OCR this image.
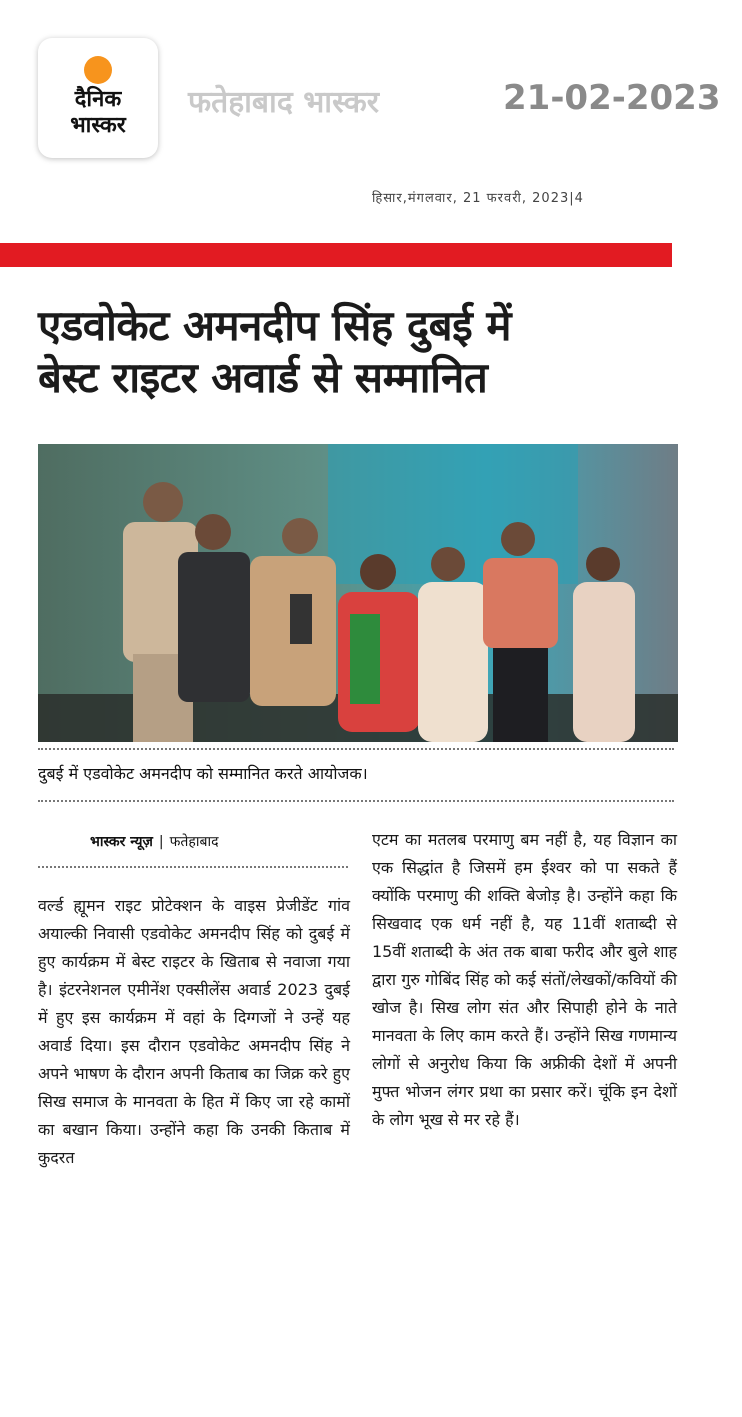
दैनिक
भास्कर
फतेहाबाद भास्कर	21-02-2023
हिसार,मंगलवार, 21 फरवरी, 2023|4
एडवोकेट अमनदीप सिंह दुबई में
बेस्ट राइटर अवार्ड से सम्मानित
दुबई में एडवोकेट अमनदीप को सम्मानित करते आयोजक।
भास्कर न्यूज़ | फतेहाबाद

वर्ल्ड ह्यूमन राइट प्रोटेक्शन के वाइस प्रेजीडेंट गांव अयाल्की निवासी एडवोकेट अमनदीप सिंह को दुबई में हुए कार्यक्रम में बेस्ट राइटर के खिताब से नवाजा गया है। इंटरनेशनल एमीनेंश एक्सीलेंस अवार्ड 2023 दुबई में हुए इस कार्यक्रम में वहां के दिग्गजों ने उन्हें यह अवार्ड दिया। इस दौरान एडवोकेट अमनदीप सिंह ने अपने भाषण के दौरान अपनी किताब का जिक्र करे हुए सिख समाज के मानवता के हित में किए जा रहे कामों का बखान किया। उन्होंने कहा कि उनकी किताब में कुदरत

एटम का मतलब परमाणु बम नहीं है, यह विज्ञान का एक सिद्धांत है जिसमें हम ईश्वर को पा सकते हैं क्योंकि परमाणु की शक्ति बेजोड़ है। उन्होंने कहा कि सिखवाद एक धर्म नहीं है, यह 11वीं शताब्दी से 15वीं शताब्दी के अंत तक बाबा फरीद और बुले शाह द्वारा गुरु गोबिंद सिंह को कई संतों/लेखकों/कवियों की खोज है। सिख लोग संत और सिपाही होने के नाते मानवता के लिए काम करते हैं। उन्होंने सिख गणमान्य लोगों से अनुरोध किया कि अफ्रीकी देशों में अपनी मुफ्त भोजन लंगर प्रथा का प्रसार करें। चूंकि इन देशों के लोग भूख से मर रहे हैं।
